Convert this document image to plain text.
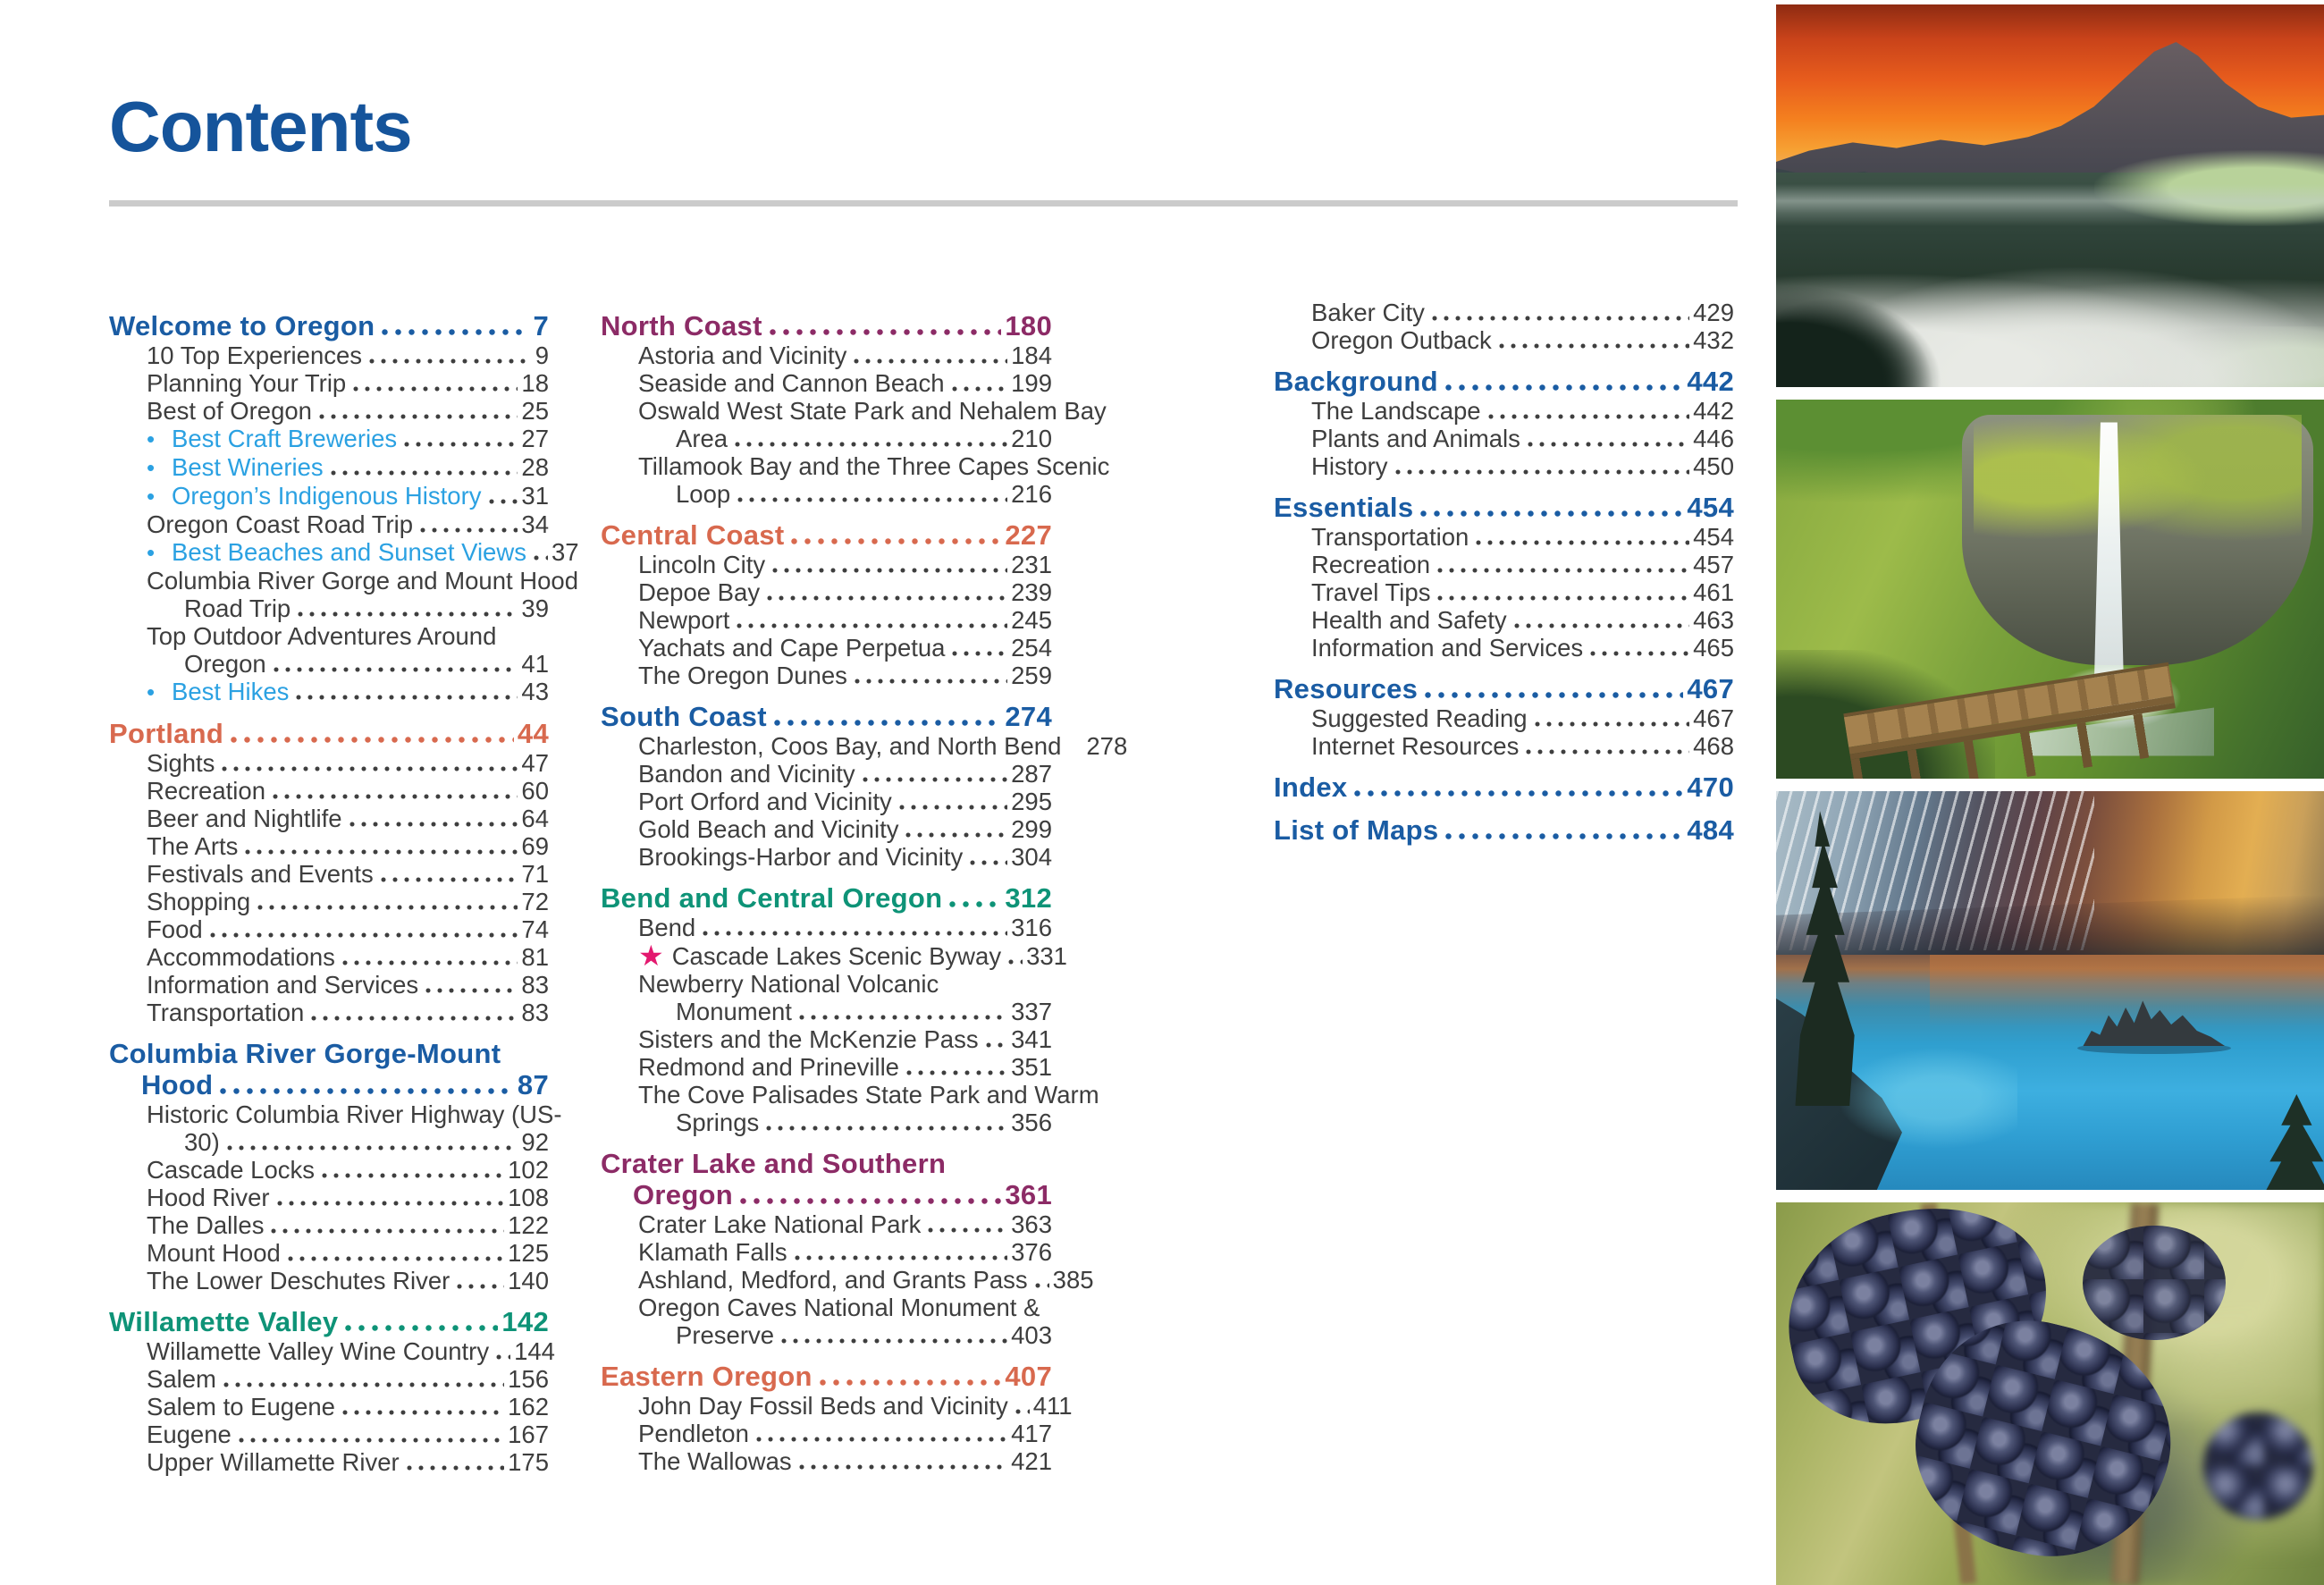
Contents
Welcome to Oregon	7
10 Top Experiences	9
Planning Your Trip	18
Best of Oregon	25
• Best Craft Breweries	27
• Best Wineries	28
• Oregon’s Indigenous History 31
Oregon Coast Road Trip	34
• Best Beaches and Sunset Views 37
Columbia River Gorge and Mount Hood
Road Trip	39
Top Outdoor Adventures Around
Oregon	41
• Best Hikes	43
Portland	44
Sights	47
Recreation	60
Beer and Nightlife	64
The Arts	69
Festivals and Events	71
Shopping	72
Food	74
Accommodations	81
Information and Services	83
Transportation	83
Columbia River Gorge-Mount
Hood	87
Historic Columbia River Highway (US-
30)	92
Cascade Locks	102
Hood River	108
The Dalles	122
Mount Hood	125
The Lower Deschutes River 140
Willamette Valley	142
Willamette Valley Wine Country 144
Salem	156
Salem to Eugene	162
Eugene	167
Upper Willamette River	175
North Coast	180
Astoria and Vicinity	184
Seaside and Cannon Beach	199
Oswald West State Park and Nehalem Bay
Area	210
Tillamook Bay and the Three Capes Scenic
Loop	216
Central Coast	227
Lincoln City	231
Depoe Bay	239
Newport	245
Yachats and Cape Perpetua	254
The Oregon Dunes	259
South Coast	274
Charleston, Coos Bay, and North Bend 278
Bandon and Vicinity	287
Port Orford and Vicinity	295
Gold Beach and Vicinity	299
Brookings-Harbor and Vicinity 304
Bend and Central Oregon 312
Bend	316
★ Cascade Lakes Scenic Byway 331
Newberry National Volcanic
Monument	337
Sisters and the McKenzie Pass 341
Redmond and Prineville	351
The Cove Palisades State Park and Warm
Springs	356
Crater Lake and Southern
Oregon	361
Crater Lake National Park	363
Klamath Falls	376
Ashland, Medford, and Grants Pass 385
Oregon Caves National Monument &
Preserve	403
Eastern Oregon	407
John Day Fossil Beds and Vicinity 411
Pendleton	417
The Wallowas	421
Baker City	429
Oregon Outback	432
Background	442
The Landscape	442
Plants and Animals	446
History	450
Essentials	454
Transportation	454
Recreation	457
Travel Tips	461
Health and Safety	463
Information and Services	465
Resources	467
Suggested Reading	467
Internet Resources	468
Index	470
List of Maps	484
